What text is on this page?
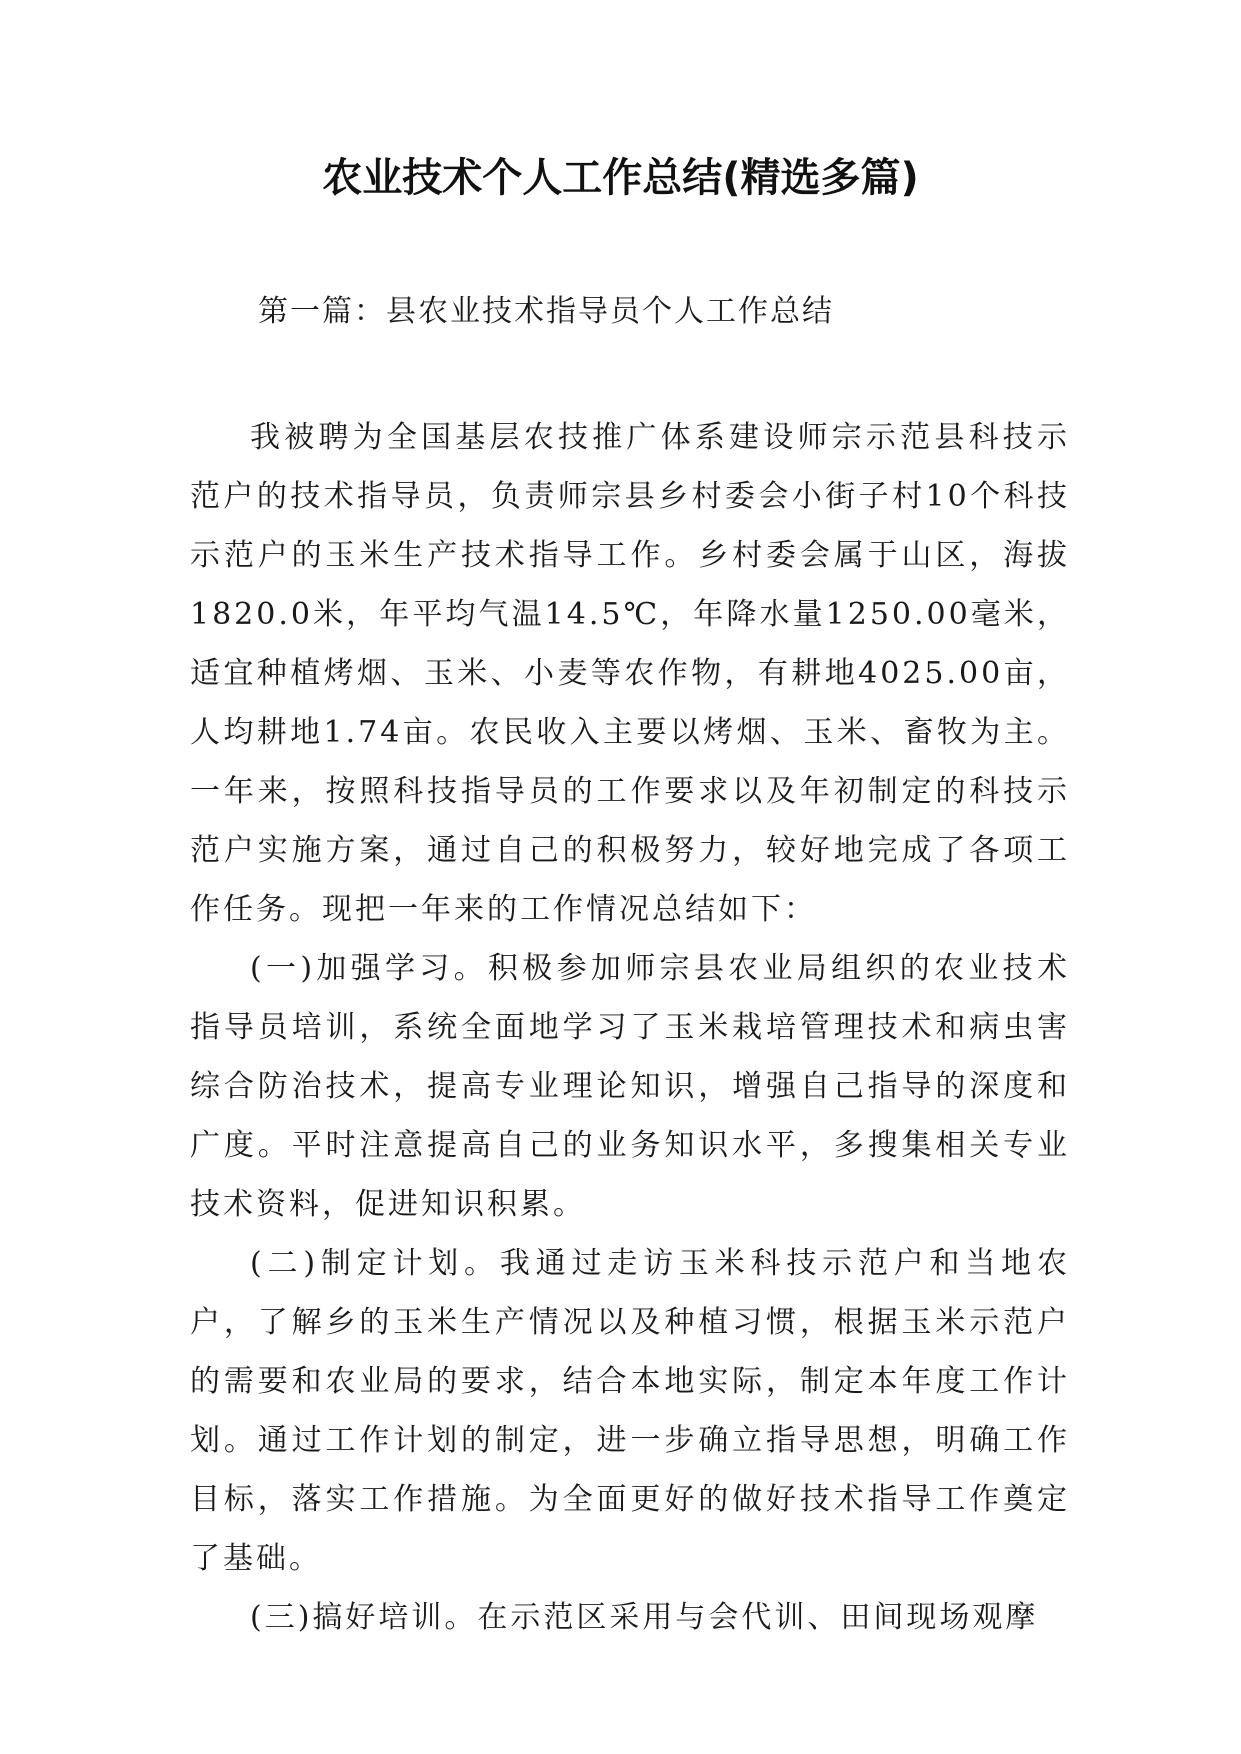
农业技术个人工作总结(精选多篇)

第一篇：县农业技术指导员个人工作总结

我被聘为全国基层农技推广体系建设师宗示范县科技示范户的技术指导员，负责师宗县乡村委会小街子村10个科技示范户的玉米生产技术指导工作。乡村委会属于山区，海拔1820.0米，年平均气温14.5℃，年降水量1250.00毫米，适宜种植烤烟、玉米、小麦等农作物，有耕地4025.00亩，人均耕地1.74亩。农民收入主要以烤烟、玉米、畜牧为主。一年来，按照科技指导员的工作要求以及年初制定的科技示范户实施方案，通过自己的积极努力，较好地完成了各项工作任务。现把一年来的工作情况总结如下：

(一)加强学习。积极参加师宗县农业局组织的农业技术指导员培训，系统全面地学习了玉米栽培管理技术和病虫害综合防治技术，提高专业理论知识，增强自己指导的深度和广度。平时注意提高自己的业务知识水平，多搜集相关专业技术资料，促进知识积累。

(二)制定计划。我通过走访玉米科技示范户和当地农户，了解乡的玉米生产情况以及种植习惯，根据玉米示范户的需要和农业局的要求，结合本地实际，制定本年度工作计划。通过工作计划的制定，进一步确立指导思想，明确工作目标，落实工作措施。为全面更好的做好技术指导工作奠定了基础。

(三)搞好培训。在示范区采用与会代训、田间现场观摩
